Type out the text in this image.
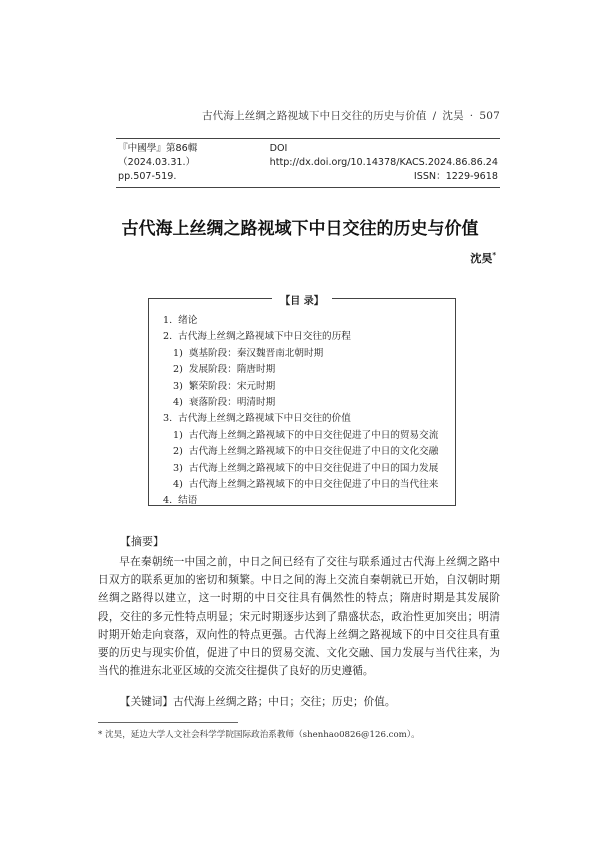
古代海上丝绸之路视域下中日交往的历史与价值 / 沈昊 · 507
『中國學』第86輯（2024.03.31.）
DOI http://dx.doi.org/10.14378/KACS.2024.86.86.24
pp.507-519.	ISSN：1229-9618
古代海上丝绸之路视域下中日交往的历史与价值
沈昊*
【目 录】
1. 绪论
2. 古代海上丝绸之路视域下中日交往的历程
1) 奠基阶段：秦汉魏晋南北朝时期
2) 发展阶段：隋唐时期
3) 繁荣阶段：宋元时期
4) 衰落阶段：明清时期
3. 古代海上丝绸之路视域下中日交往的价值
1) 古代海上丝绸之路视域下的中日交往促进了中日的贸易交流
2) 古代海上丝绸之路视域下的中日交往促进了中日的文化交融
3) 古代海上丝绸之路视域下的中日交往促进了中日的国力发展
4) 古代海上丝绸之路视域下的中日交往促进了中日的当代往来
4. 结语
【摘要】
早在秦朝统一中国之前，中日之间已经有了交往与联系通过古代海上丝绸之路中日双方的联系更加的密切和频繁。中日之间的海上交流自秦朝就已开始，自汉朝时期丝绸之路得以建立，这一时期的中日交往具有偶然性的特点；隋唐时期是其发展阶段，交往的多元性特点明显；宋元时期逐步达到了鼎盛状态，政治性更加突出；明清时期开始走向衰落，双向性的特点更强。古代海上丝绸之路视域下的中日交往具有重要的历史与现实价值，促进了中日的贸易交流、文化交融、国力发展与当代往来，为当代的推进东北亚区域的交流交往提供了良好的历史遵循。
【关键词】古代海上丝绸之路；中日；交往；历史；价值。
* 沈昊，延边大学人文社会科学学院国际政治系教师（shenhao0826@126.com）。
